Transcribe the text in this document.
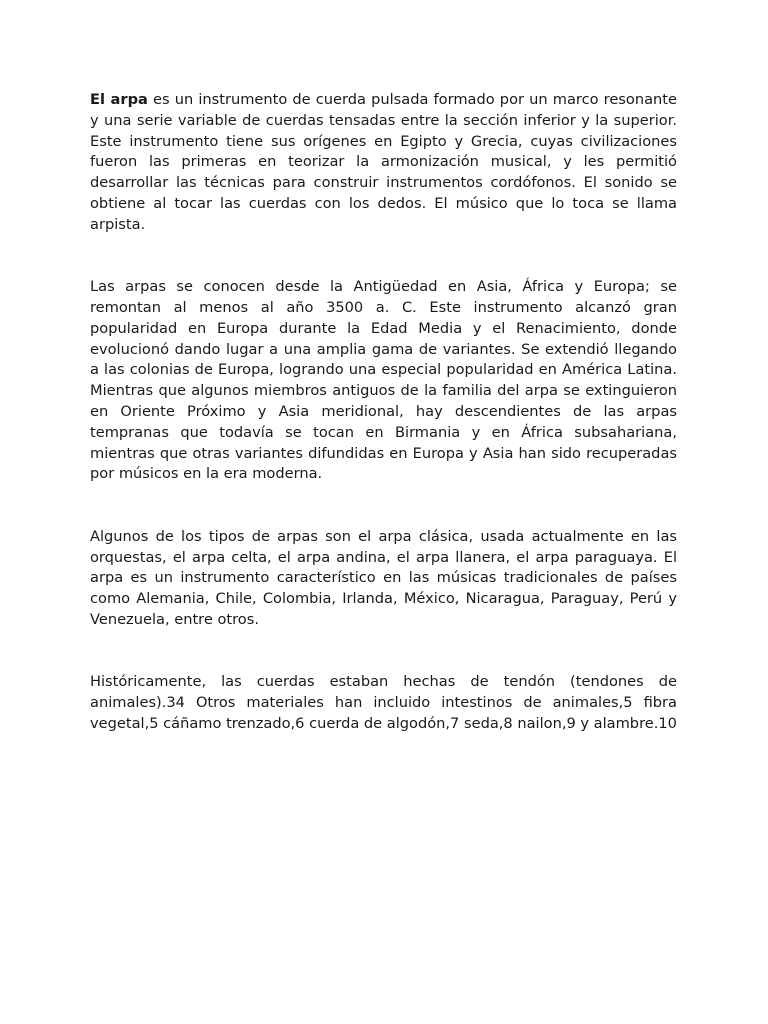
El arpa es un instrumento de cuerda pulsada formado por un marco resonante y una serie variable de cuerdas tensadas entre la sección inferior y la superior. Este instrumento tiene sus orígenes en Egipto y Grecia, cuyas civilizaciones fueron las primeras en teorizar la armonización musical, y les permitió desarrollar las técnicas para construir instrumentos cordófonos. El sonido se obtiene al tocar las cuerdas con los dedos. El músico que lo toca se llama arpista.

Las arpas se conocen desde la Antigüedad en Asia, África y Europa; se remontan al menos al año 3500 a. C. Este instrumento alcanzó gran popularidad en Europa durante la Edad Media y el Renacimiento, donde evolucionó dando lugar a una amplia gama de variantes. Se extendió llegando a las colonias de Europa, logrando una especial popularidad en América Latina. Mientras que algunos miembros antiguos de la familia del arpa se extinguieron en Oriente Próximo y Asia meridional, hay descendientes de las arpas tempranas que todavía se tocan en Birmania y en África subsahariana, mientras que otras variantes difundidas en Europa y Asia han sido recuperadas por músicos en la era moderna.

Algunos de los tipos de arpas son el arpa clásica, usada actualmente en las orquestas, el arpa celta, el arpa andina, el arpa llanera, el arpa paraguaya. El arpa es un instrumento característico en las músicas tradicionales de países como Alemania, Chile, Colombia, Irlanda, México, Nicaragua, Paraguay, Perú y Venezuela, entre otros.

Históricamente, las cuerdas estaban hechas de tendón (tendones de animales).34 Otros materiales han incluido intestinos de animales,5 fibra vegetal,5 cáñamo trenzado,6 cuerda de algodón,7 seda,8 nailon,9 y alambre.10
